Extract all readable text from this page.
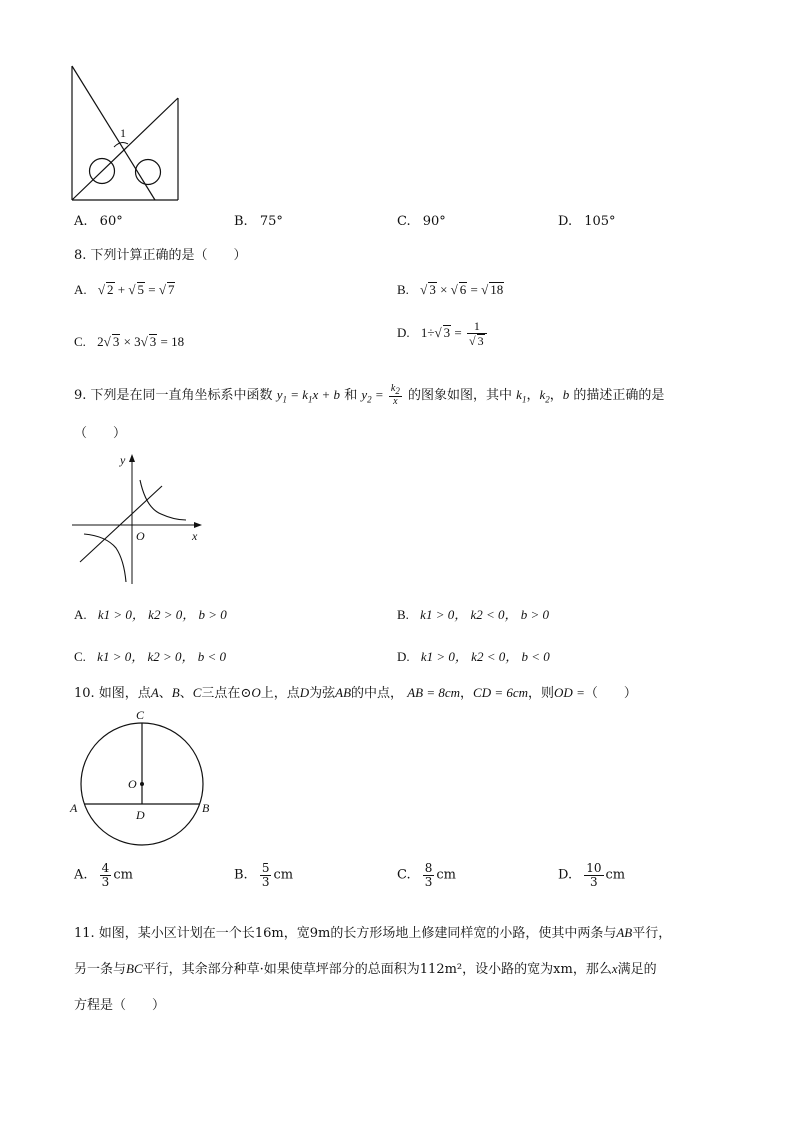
1
A. 60°	B. 75°	C. 90°	D. 105°
8. 下列计算正确的是（　　）
A. √ 2 + √ 5 = √ 7	B. √ 3 × √ 6 = √ 18
C. 2√ 3 × 3√ 3 = 18
D. 1÷√ $3 = \frac{1}{√ 3}$
9. 下列是在同一直角坐标系中函数 $y_1 = k_1x + b$ 和 $y_2 = \frac{k_2}{x}$ 的图象如图，其中 $k_1$，$k_2$，b 的描述正确的是
（　　）
y
x
O
A. k1 > 0， k2 > 0， b > 0	B. k1 > 0， k2 < 0， b > 0
C. k1 > 0， k2 > 0， b < 0	D. k1 > 0， k2 < 0， b < 0
10. 如图，点A、B、C三点在⊙O上，点D为弦AB的中点， AB = 8cm，CD = 6cm，则OD =（　　）
C
O
A	D	B
A. $\frac{4}{3}$ cm	B. $\frac{5}{3}$ cm	C. $\frac{8}{3}$ cm	D. $\frac{10}{3}$ cm
11. 如图，某小区计划在一个长16m，宽9m的长方形场地上修建同样宽的小路，使其中两条与AB平行，
另一条与BC平行，其余部分种草·如果使草坪部分的总面积为112m²，设小路的宽为xm，那么x满足的
方程是（　　）
